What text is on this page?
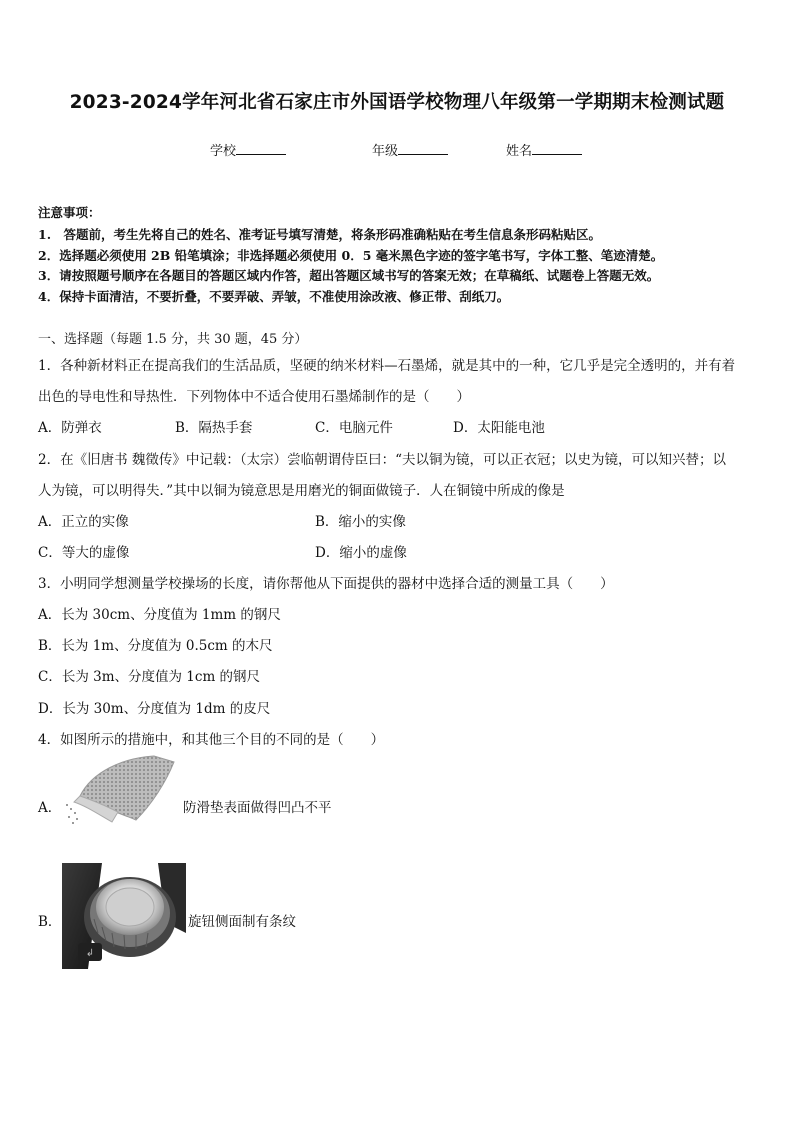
2023-2024学年河北省石家庄市外国语学校物理八年级第一学期期末检测试题
学校	年级	姓名
注意事项：
1.　答题前，考生先将自己的姓名、准考证号填写清楚，将条形码准确粘贴在考生信息条形码粘贴区。
2．选择题必须使用 2B 铅笔填涂；非选择题必须使用 0．5 毫米黑色字迹的签字笔书写，字体工整、笔迹清楚。
3．请按照题号顺序在各题目的答题区域内作答，超出答题区域书写的答案无效；在草稿纸、试题卷上答题无效。
4．保持卡面清洁，不要折叠，不要弄破、弄皱，不准使用涂改液、修正带、刮纸刀。
一、选择题（每题 1.5 分，共 30 题，45 分）
1．各种新材料正在提高我们的生活品质，坚硬的纳米材料—石墨烯，就是其中的一种，它几乎是完全透明的，并有着
出色的导电性和导热性．下列物体中不适合使用石墨烯制作的是（　　）
A．防弹衣	B．隔热手套	C．电脑元件	D．太阳能电池
2．在《旧唐书 魏徵传》中记载：（太宗）尝临朝谓侍臣曰：“夫以铜为镜，可以正衣冠；以史为镜，可以知兴替；以
人为镜，可以明得失．”其中以铜为镜意思是用磨光的铜面做镜子．人在铜镜中所成的像是
A．正立的实像	B．缩小的实像
C．等大的虚像	D．缩小的虚像
3．小明同学想测量学校操场的长度，请你帮他从下面提供的器材中选择合适的测量工具（　　）
A．长为 30cm、分度值为 1mm 的钢尺
B．长为 1m、分度值为 0.5cm 的木尺
C．长为 3m、分度值为 1cm 的钢尺
D．长为 30m、分度值为 1dm 的皮尺
4．如图所示的措施中，和其他三个目的不同的是（　　）
A．	防滑垫表面做得凹凸不平
B．
↲
旋钮侧面制有条纹
